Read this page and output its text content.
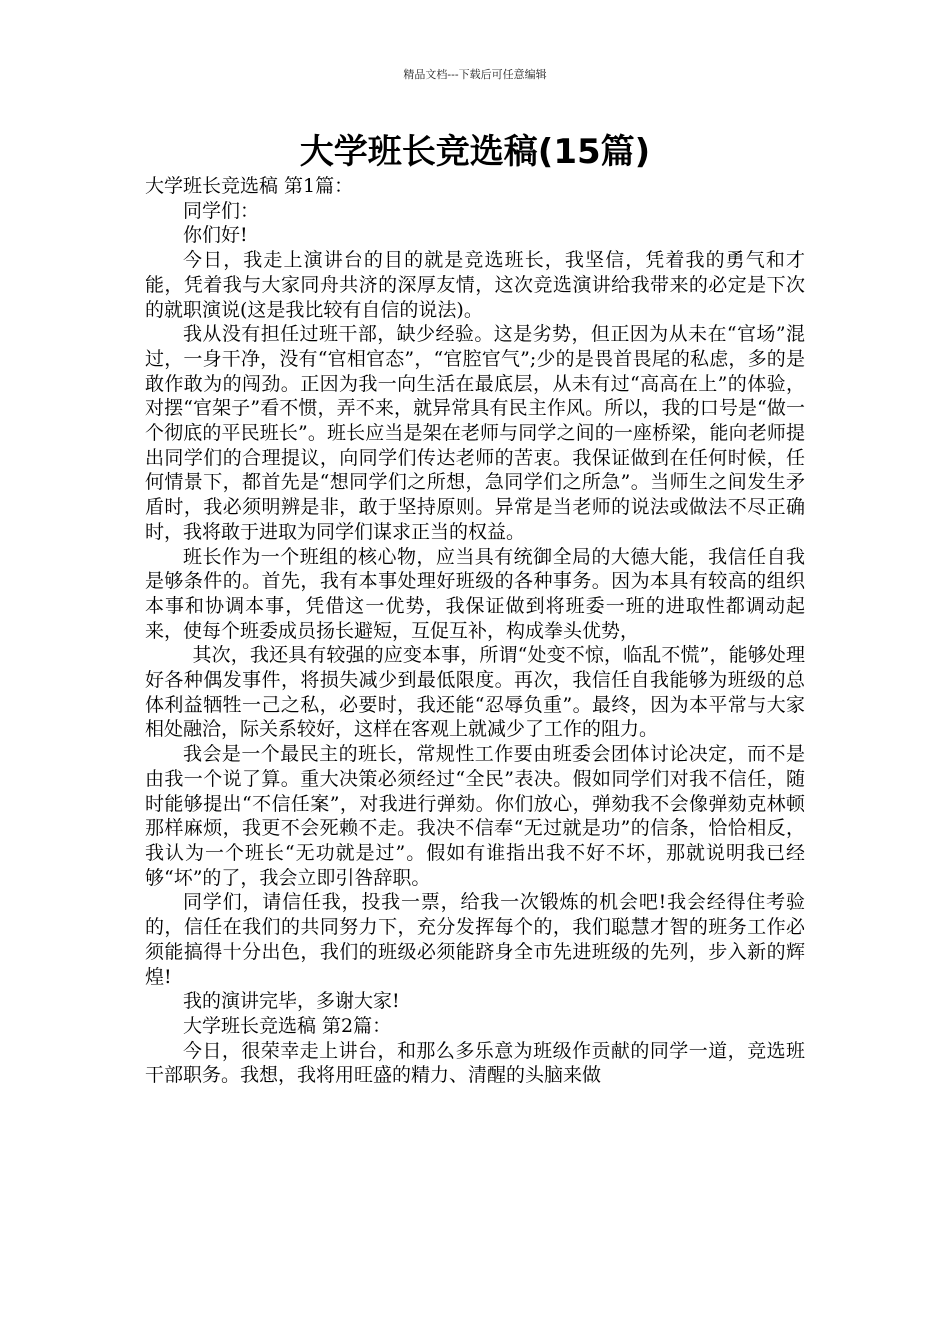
精品文档---下载后可任意编辑
大学班长竞选稿(15篇)

大学班长竞选稿 第1篇：

同学们：

你们好!

今日，我走上演讲台的目的就是竞选班长，我坚信，凭着我的勇气和才能，凭着我与大家同舟共济的深厚友情，这次竞选演讲给我带来的必定是下次的就职演说(这是我比较有自信的说法)。

我从没有担任过班干部，缺少经验。这是劣势，但正因为从未在“官场”混过，一身干净，没有“官相官态”，“官腔官气”;少的是畏首畏尾的私虑，多的是敢作敢为的闯劲。正因为我一向生活在最底层，从未有过“高高在上”的体验，对摆“官架子”看不惯，弄不来，就异常具有民主作风。所以，我的口号是“做一个彻底的平民班长”。班长应当是架在老师与同学之间的一座桥梁，能向老师提出同学们的合理提议，向同学们传达老师的苦衷。我保证做到在任何时候，任何情景下，都首先是“想同学们之所想，急同学们之所急”。当师生之间发生矛盾时，我必须明辨是非，敢于坚持原则。异常是当老师的说法或做法不尽正确时，我将敢于进取为同学们谋求正当的权益。

班长作为一个班组的核心物，应当具有统御全局的大德大能，我信任自我是够条件的。首先，我有本事处理好班级的各种事务。因为本具有较高的组织本事和协调本事，凭借这一优势，我保证做到将班委一班的进取性都调动起来，使每个班委成员扬长避短，互促互补，构成拳头优势，

其次，我还具有较强的应变本事，所谓“处变不惊，临乱不慌”，能够处理好各种偶发事件，将损失减少到最低限度。再次，我信任自我能够为班级的总体利益牺牲一己之私，必要时，我还能“忍辱负重”。最终，因为本平常与大家相处融洽，际关系较好，这样在客观上就减少了工作的阻力。

我会是一个最民主的班长，常规性工作要由班委会团体讨论决定，而不是由我一个说了算。重大决策必须经过“全民”表决。假如同学们对我不信任，随时能够提出“不信任案”，对我进行弹劾。你们放心，弹劾我不会像弹劾克林顿那样麻烦，我更不会死赖不走。我决不信奉“无过就是功”的信条，恰恰相反，我认为一个班长“无功就是过”。假如有谁指出我不好不坏，那就说明我已经够“坏”的了，我会立即引咎辞职。

同学们，请信任我，投我一票，给我一次锻炼的机会吧!我会经得住考验的，信任在我们的共同努力下，充分发挥每个的，我们聪慧才智的班务工作必须能搞得十分出色，我们的班级必须能跻身全市先进班级的先列，步入新的辉煌!

我的演讲完毕，多谢大家!

大学班长竞选稿 第2篇：

今日，很荣幸走上讲台，和那么多乐意为班级作贡献的同学一道，竞选班干部职务。我想，我将用旺盛的精力、清醒的头脑来做
